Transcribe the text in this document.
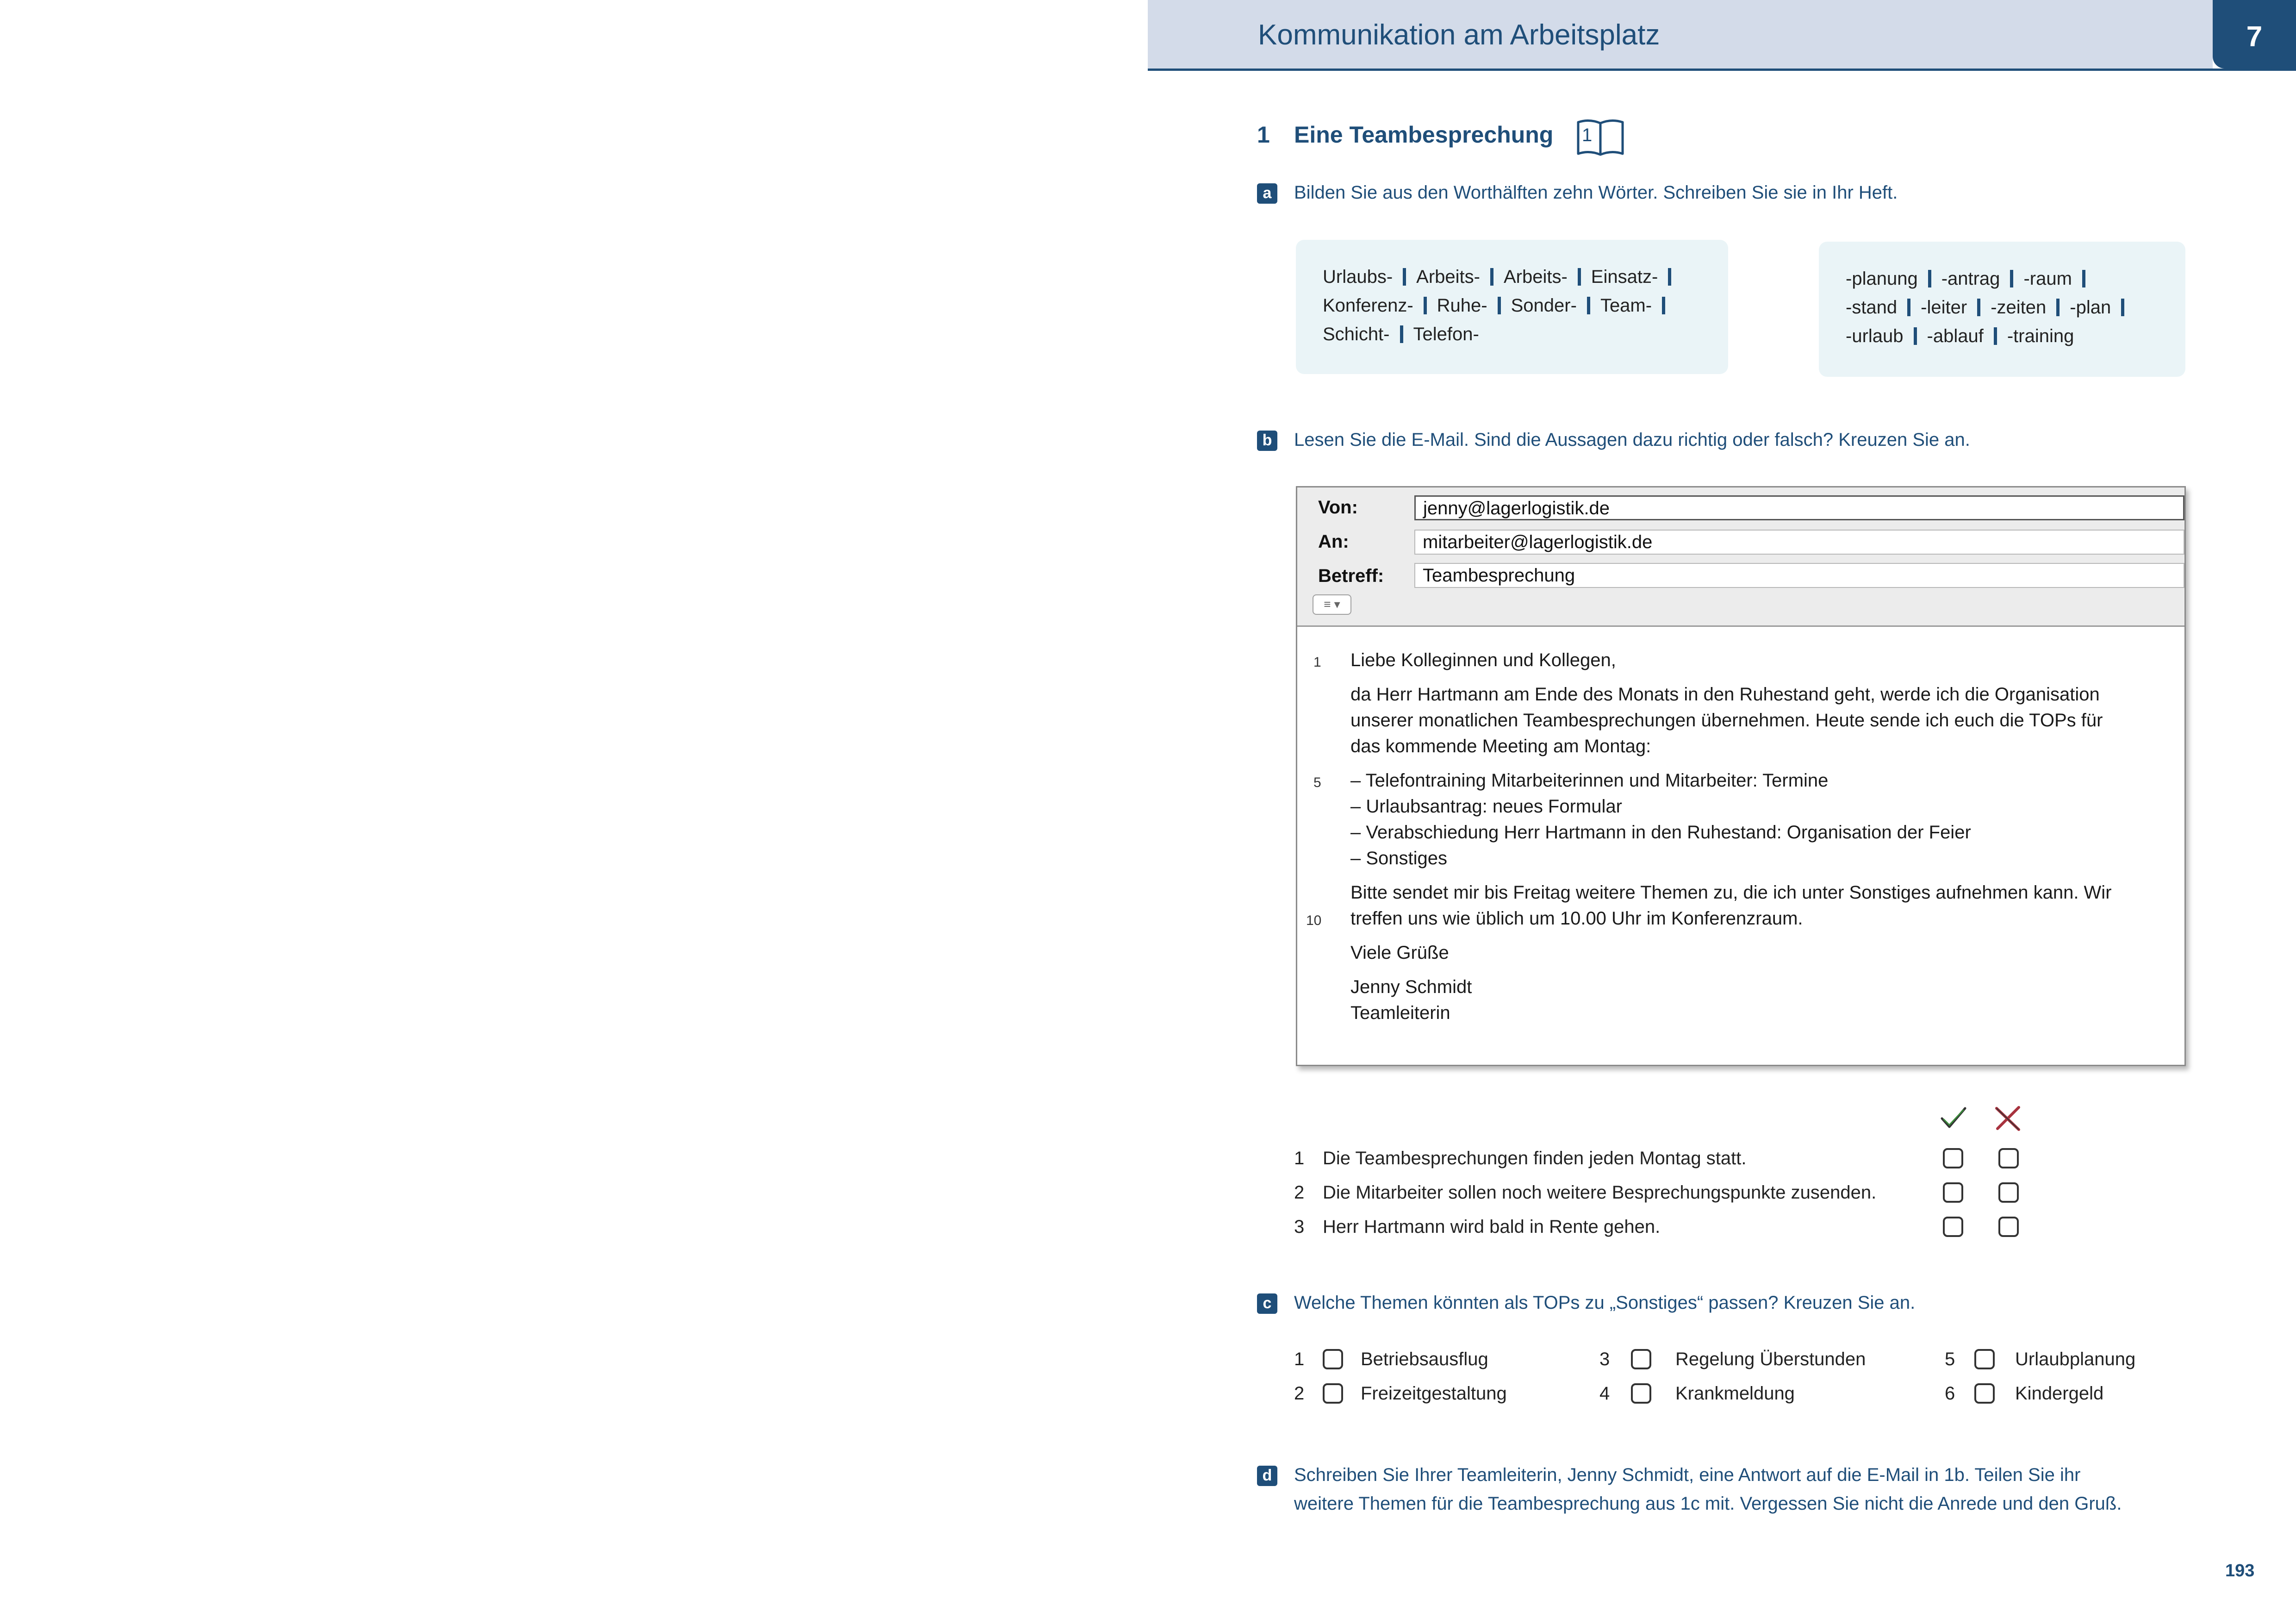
Kommunikation am Arbeitsplatz	7
1 Eine Teambesprechung 1
a	Bilden Sie aus den Worthälften zehn Wörter. Schreiben Sie sie in Ihr Heft.
Urlaubs- Arbeits- Arbeits- Einsatz-
Konferenz- Ruhe- Sonder- Team-
Schicht- Telefon-
-planung -antrag -raum
-stand -leiter -zeiten -plan
-urlaub -ablauf -training
b Lesen Sie die E-Mail. Sind die Aussagen dazu richtig oder falsch? Kreuzen Sie an.
Von:	jenny@lagerlogistik.de
An:	mitarbeiter@lagerlogistik.de
Betreff:	Teambesprechung
≡ ▾
1
5
10
Liebe Kolleginnen und Kollegen,
da Herr Hartmann am Ende des Monats in den Ruhestand geht, werde ich die Organisation
unserer monatlichen Teambesprechungen übernehmen. Heute sende ich euch die TOPs für
das kommende Meeting am Montag:
– Telefontraining Mitarbeiterinnen und Mitarbeiter: Termine
– Urlaubsantrag: neues Formular
– Verabschiedung Herr Hartmann in den Ruhestand: Organisation der Feier
– Sonstiges
Bitte sendet mir bis Freitag weitere Themen zu, die ich unter Sonstiges aufnehmen kann. Wir
treffen uns wie üblich um 10.00 Uhr im Konferenzraum.
Viele Grüße
Jenny Schmidt
Teamleiterin
1 Die Teambesprechungen finden jeden Montag statt.
2 Die Mitarbeiter sollen noch weitere Besprechungspunkte zusenden.
3 Herr Hartmann wird bald in Rente gehen.
c	Welche Themen könnten als TOPs zu „Sonstiges“ passen? Kreuzen Sie an.
1	Betriebsausflug
2	Freizeitgestaltung
3	Regelung Überstunden
4	Krankmeldung
5	Urlaubplanung
6	Kindergeld
d Schreiben Sie Ihrer Teamleiterin, Jenny Schmidt, eine Antwort auf die E-Mail in 1b. Teilen Sie ihr
weitere Themen für die Teambesprechung aus 1c mit. Vergessen Sie nicht die Anrede und den Gruß.
193
